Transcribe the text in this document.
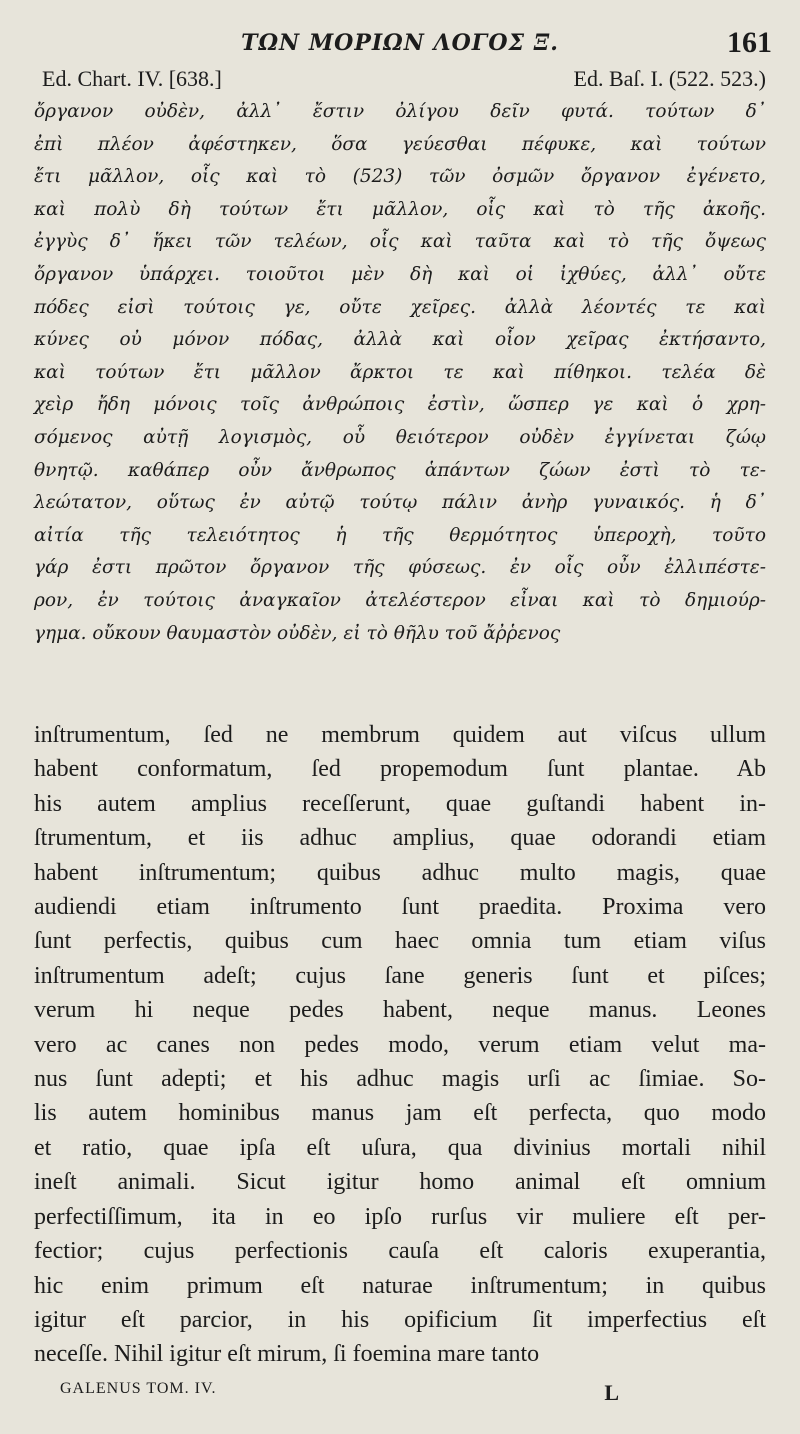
ΤΩΝ ΜΟΡΙΩΝ ΛΟΓΟΣ Ξ.	161
Ed. Chart. IV. [638.]	Ed. Baſ. I. (522. 523.)
ὄργανον οὐδὲν, ἀλλ᾽ ἔστιν ὀλίγου δεῖν φυτά. τούτων δ᾽
ἐπὶ πλέον ἀφέστηκεν, ὅσα γεύεσθαι πέφυκε, καὶ τούτων
ἔτι μᾶλλον, οἷς καὶ τὸ (523) τῶν ὀσμῶν ὄργανον ἐγένετο,
καὶ πολὺ δὴ τούτων ἔτι μᾶλλον, οἷς καὶ τὸ τῆς ἀκοῆς.
ἐγγὺς δ᾽ ἥκει τῶν τελέων, οἷς καὶ ταῦτα καὶ τὸ τῆς ὄψεως
ὄργανον ὑπάρχει. τοιοῦτοι μὲν δὴ καὶ οἱ ἰχθύες, ἀλλ᾽ οὔτε
πόδες εἰσὶ τούτοις γε, οὔτε χεῖρες. ἀλλὰ λέοντές τε καὶ
κύνες οὐ μόνον πόδας, ἀλλὰ καὶ οἷον χεῖρας ἐκτήσαντο,
καὶ τούτων ἔτι μᾶλλον ἄρκτοι τε καὶ πίθηκοι. τελέα δὲ
χεὶρ ἤδη μόνοις τοῖς ἀνθρώποις ἐστὶν, ὥσπερ γε καὶ ὁ χρη-
σόμενος αὐτῇ λογισμὸς, οὗ θειότερον οὐδὲν ἐγγίνεται ζώῳ
θνητῷ. καθάπερ οὖν ἄνθρωπος ἁπάντων ζώων ἐστὶ τὸ τε-
λεώτατον, οὕτως ἐν αὐτῷ τούτῳ πάλιν ἀνὴρ γυναικός. ἡ δ᾽
αἰτία τῆς τελειότητος ἡ τῆς θερμότητος ὑπεροχὴ, τοῦτο
γάρ ἐστι πρῶτον ὄργανον τῆς φύσεως. ἐν οἷς οὖν ἐλλιπέστε-
ρον, ἐν τούτοις ἀναγκαῖον ἀτελέστερον εἶναι καὶ τὸ δημιούρ-
γημα. οὔκουν θαυμαστὸν οὐδὲν, εἰ τὸ θῆλυ τοῦ ἄῤῥενος
inſtrumentum, ſed ne membrum quidem aut viſcus ullum
habent conformatum, ſed propemodum ſunt plantae. Ab
his autem amplius receſſerunt, quae guſtandi habent in-
ſtrumentum, et iis adhuc amplius, quae odorandi etiam
habent inſtrumentum; quibus adhuc multo magis, quae
audiendi etiam inſtrumento ſunt praedita. Proxima vero
ſunt perfectis, quibus cum haec omnia tum etiam viſus
inſtrumentum adeſt; cujus ſane generis ſunt et piſces;
verum hi neque pedes habent, neque manus. Leones
vero ac canes non pedes modo, verum etiam velut ma-
nus ſunt adepti; et his adhuc magis urſi ac ſimiae. So-
lis autem hominibus manus jam eſt perfecta, quo modo
et ratio, quae ipſa eſt uſura, qua divinius mortali nihil
ineſt animali. Sicut igitur homo animal eſt omnium
perfectiſſimum, ita in eo ipſo rurſus vir muliere eſt per-
fectior; cujus perfectionis cauſa eſt caloris exuperantia,
hic enim primum eſt naturae inſtrumentum; in quibus
igitur eſt parcior, in his opificium ſit imperfectius eſt
neceſſe. Nihil igitur eſt mirum, ſi foemina mare tanto
GALENUS TOM. IV.	L
